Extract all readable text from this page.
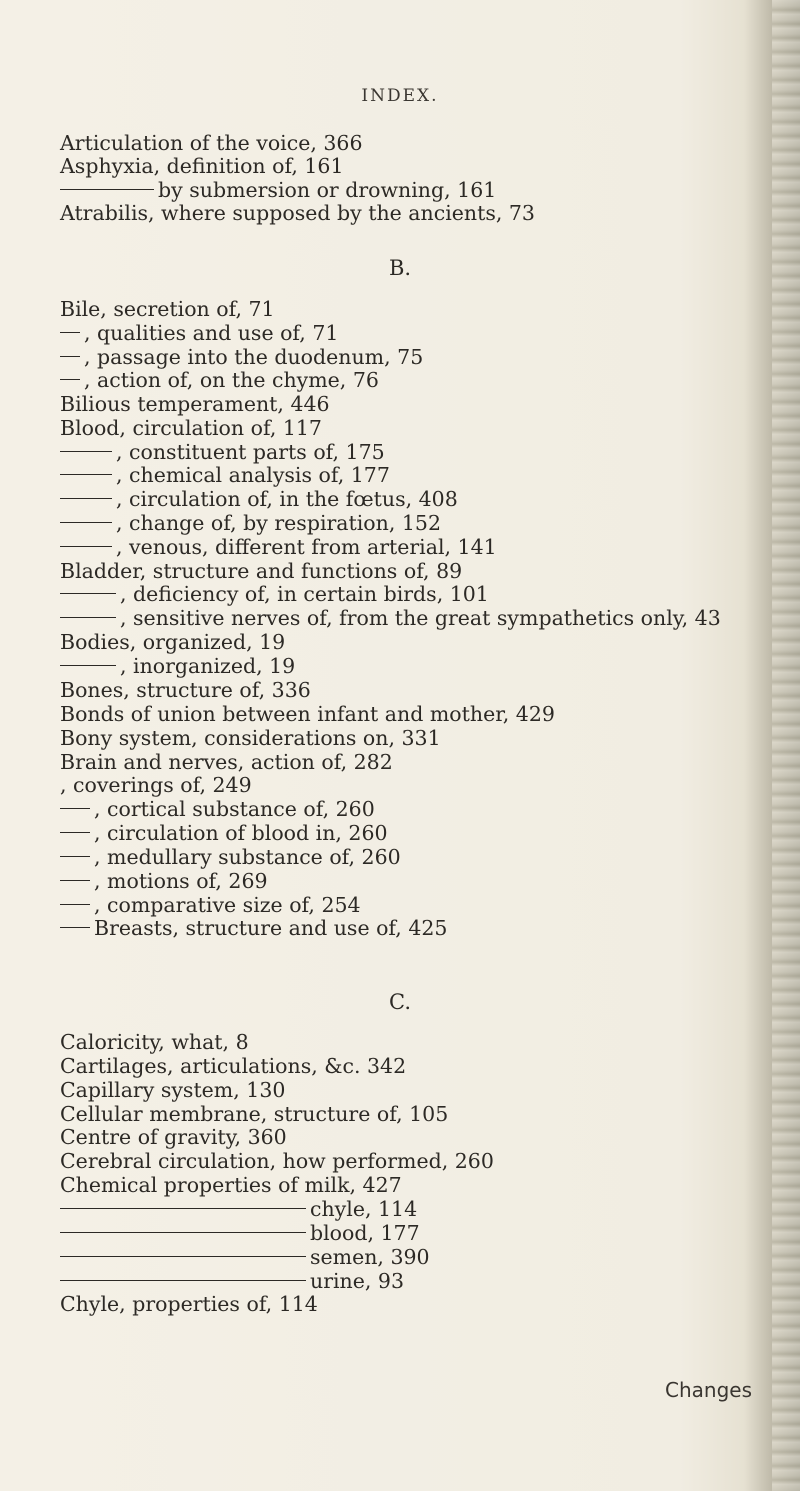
INDEX.
Articulation of the voice, 366
Asphyxia, definition of, 161
by submersion or drowning, 161
Atrabilis, where supposed by the ancients, 73
B.
Bile, secretion of, 71
, qualities and use of, 71
, passage into the duodenum, 75
, action of, on the chyme, 76
Bilious temperament, 446
Blood, circulation of, 117
, constituent parts of, 175
, chemical analysis of, 177
, circulation of, in the fœtus, 408
, change of, by respiration, 152
, venous, different from arterial, 141
Bladder, structure and functions of, 89
, deficiency of, in certain birds, 101
, sensitive nerves of, from the great sympathetics only, 43
Bodies, organized, 19
, inorganized, 19
Bones, structure of, 336
Bonds of union between infant and mother, 429
Bony system, considerations on, 331
Brain and nerves, action of, 282
, coverings of, 249
, cortical substance of, 260
, circulation of blood in, 260
, medullary substance of, 260
, motions of, 269
, comparative size of, 254
Breasts, structure and use of, 425
C.
Caloricity, what, 8
Cartilages, articulations, &c. 342
Capillary system, 130
Cellular membrane, structure of, 105
Centre of gravity, 360
Cerebral circulation, how performed, 260
Chemical properties of milk, 427
chyle, 114
blood, 177
semen, 390
urine, 93
Chyle, properties of, 114
Changes
